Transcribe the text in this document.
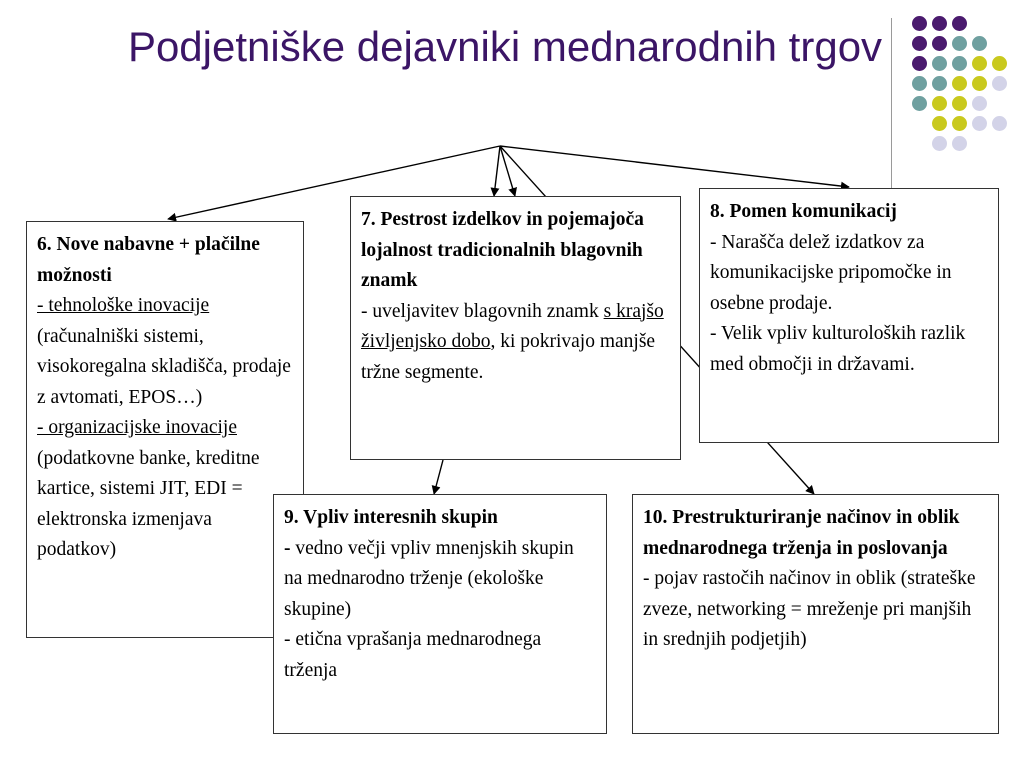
Podjetniške dejavniki mednarodnih trgov
6. Nove nabavne + plačilne možnosti
- tehnološke inovacije (računalniški sistemi, visokoregalna skladišča, prodaje z avtomati, EPOS…)
- organizacijske inovacije (podatkovne banke, kreditne kartice, sistemi JIT, EDI = elektronska izmenjava podatkov)
7. Pestrost izdelkov in pojemajoča lojalnost tradicionalnih blagovnih znamk
- uveljavitev blagovnih znamk s krajšo življenjsko dobo, ki pokrivajo manjše tržne segmente.
8. Pomen komunikacij
- Narašča delež izdatkov za komunikacijske pripomočke in osebne prodaje.
- Velik vpliv kulturoloških razlik med območji in državami.
9. Vpliv interesnih skupin
- vedno večji vpliv mnenjskih skupin na mednarodno trženje (ekološke skupine)
- etična vprašanja mednarodnega trženja
10. Prestrukturiranje načinov in oblik mednarodnega trženja in poslovanja
- pojav rastočih načinov in oblik (strateške zveze, networking = mreženje pri manjših in srednjih podjetjih)
